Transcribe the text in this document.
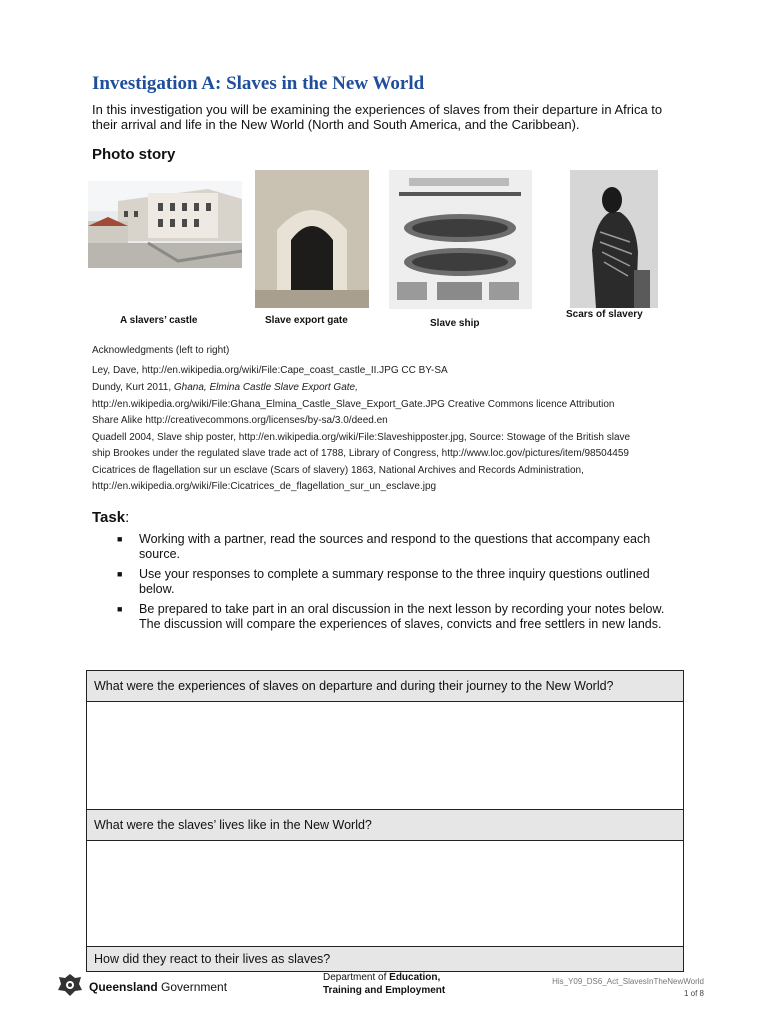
Investigation A: Slaves in the New World
In this investigation you will be examining the experiences of slaves from their departure in Africa to their arrival and life in the New World (North and South America, and the Caribbean).
Photo story
A slavers’ castle	Slave export gate	Slave ship
Scars of slavery
Acknowledgments (left to right)
Ley, Dave, http://en.wikipedia.org/wiki/File:Cape_coast_castle_II.JPG CC BY-SA
Dundy, Kurt 2011, Ghana, Elmina Castle Slave Export Gate,
http://en.wikipedia.org/wiki/File:Ghana_Elmina_Castle_Slave_Export_Gate.JPG Creative Commons licence Attribution
Share Alike http://creativecommons.org/licenses/by-sa/3.0/deed.en
Quadell 2004, Slave ship poster, http://en.wikipedia.org/wiki/File:Slaveshipposter.jpg, Source: Stowage of the British slave
ship Brookes under the regulated slave trade act of 1788, Library of Congress, http://www.loc.gov/pictures/item/98504459
Cicatrices de flagellation sur un esclave (Scars of slavery) 1863, National Archives and Records Administration,
http://en.wikipedia.org/wiki/File:Cicatrices_de_flagellation_sur_un_esclave.jpg
Task:
■ Working with a partner, read the sources and respond to the questions that accompany each source.
■ Use your responses to complete a summary response to the three inquiry questions outlined below.
■ Be prepared to take part in an oral discussion in the next lesson by recording your notes below. The discussion will compare the experiences of slaves, convicts and free settlers in new lands.
What were the experiences of slaves on departure and during their journey to the New World?
What were the slaves’ lives like in the New World?
How did they react to their lives as slaves?
Queensland Government
Department of Education,
Training and Employment
His_Y09_DS6_Act_SlavesInTheNewWorld
1 of 8
